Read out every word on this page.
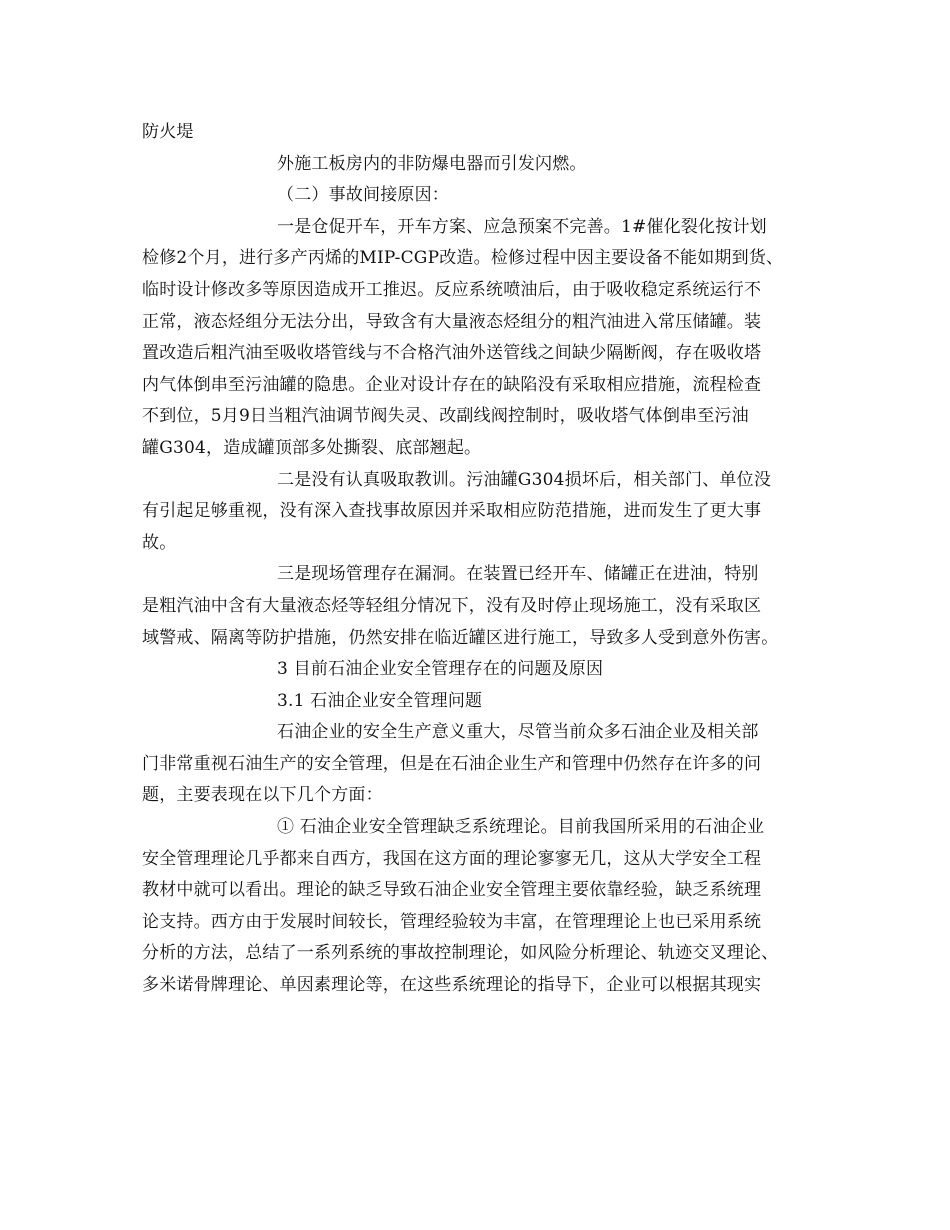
防火堤
外施工板房内的非防爆电器而引发闪燃。
（二）事故间接原因：
一是仓促开车，开车方案、应急预案不完善。1#催化裂化按计划
检修2个月，进行多产丙烯的MIP-CGP改造。检修过程中因主要设备不能如期到货、
临时设计修改多等原因造成开工推迟。反应系统喷油后，由于吸收稳定系统运行不
正常，液态烃组分无法分出，导致含有大量液态烃组分的粗汽油进入常压储罐。装
置改造后粗汽油至吸收塔管线与不合格汽油外送管线之间缺少隔断阀，存在吸收塔
内气体倒串至污油罐的隐患。企业对设计存在的缺陷没有采取相应措施，流程检查
不到位，5月9日当粗汽油调节阀失灵、改副线阀控制时，吸收塔气体倒串至污油
罐G304，造成罐顶部多处撕裂、底部翘起。
二是没有认真吸取教训。污油罐G304损坏后，相关部门、单位没
有引起足够重视，没有深入查找事故原因并采取相应防范措施，进而发生了更大事
故。
三是现场管理存在漏洞。在装置已经开车、储罐正在进油，特别
是粗汽油中含有大量液态烃等轻组分情况下，没有及时停止现场施工，没有采取区
域警戒、隔离等防护措施，仍然安排在临近罐区进行施工，导致多人受到意外伤害。
3 目前石油企业安全管理存在的问题及原因
3.1 石油企业安全管理问题
石油企业的安全生产意义重大，尽管当前众多石油企业及相关部
门非常重视石油生产的安全管理，但是在石油企业生产和管理中仍然存在许多的问
题，主要表现在以下几个方面：
① 石油企业安全管理缺乏系统理论。目前我国所采用的石油企业
安全管理理论几乎都来自西方，我国在这方面的理论寥寥无几，这从大学安全工程
教材中就可以看出。理论的缺乏导致石油企业安全管理主要依靠经验，缺乏系统理
论支持。西方由于发展时间较长，管理经验较为丰富，在管理理论上也已采用系统
分析的方法，总结了一系列系统的事故控制理论，如风险分析理论、轨迹交叉理论、
多米诺骨牌理论、单因素理论等，在这些系统理论的指导下，企业可以根据其现实
